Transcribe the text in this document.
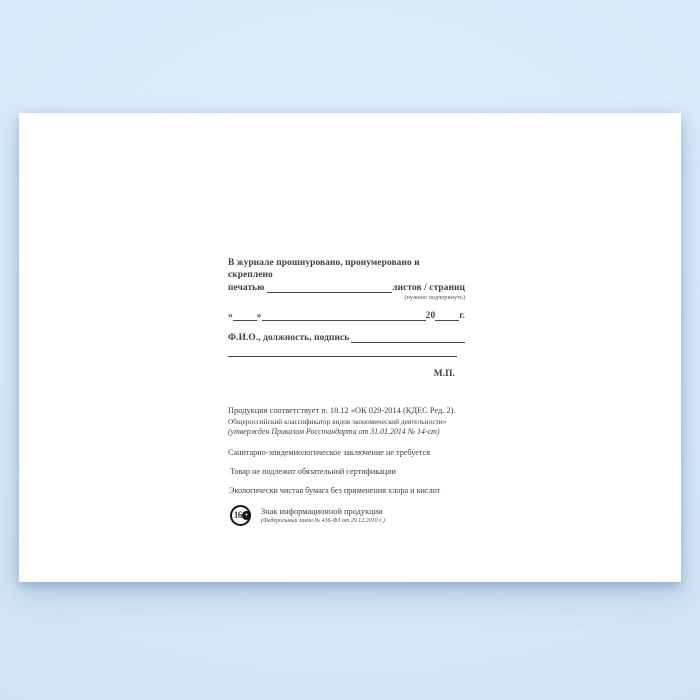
В журнале прошнуровано, пронумеровано и скреплено
печатью	листов / страниц
(нужное подчеркнуть)
«	»	20	г.
Ф.И.О., должность, подпись
М.П.
Продукция соответствует п. 18.12 «ОК 029-2014 (КДЕС Ред. 2).
Общероссийский классификатор видов экономической деятельности»
(утвержден Приказом Росстандарта от 31.01.2014 № 14-ст)
Санитарно-эпидемиологическое заключение не требуется
Товар не подлежит обязательной сертификации
Экологически чистая бумага без применения хлора и кислот
16 + Знак информационной продукции
(Федеральный закон № 436-ФЗ от 29.12.2010 г.)
